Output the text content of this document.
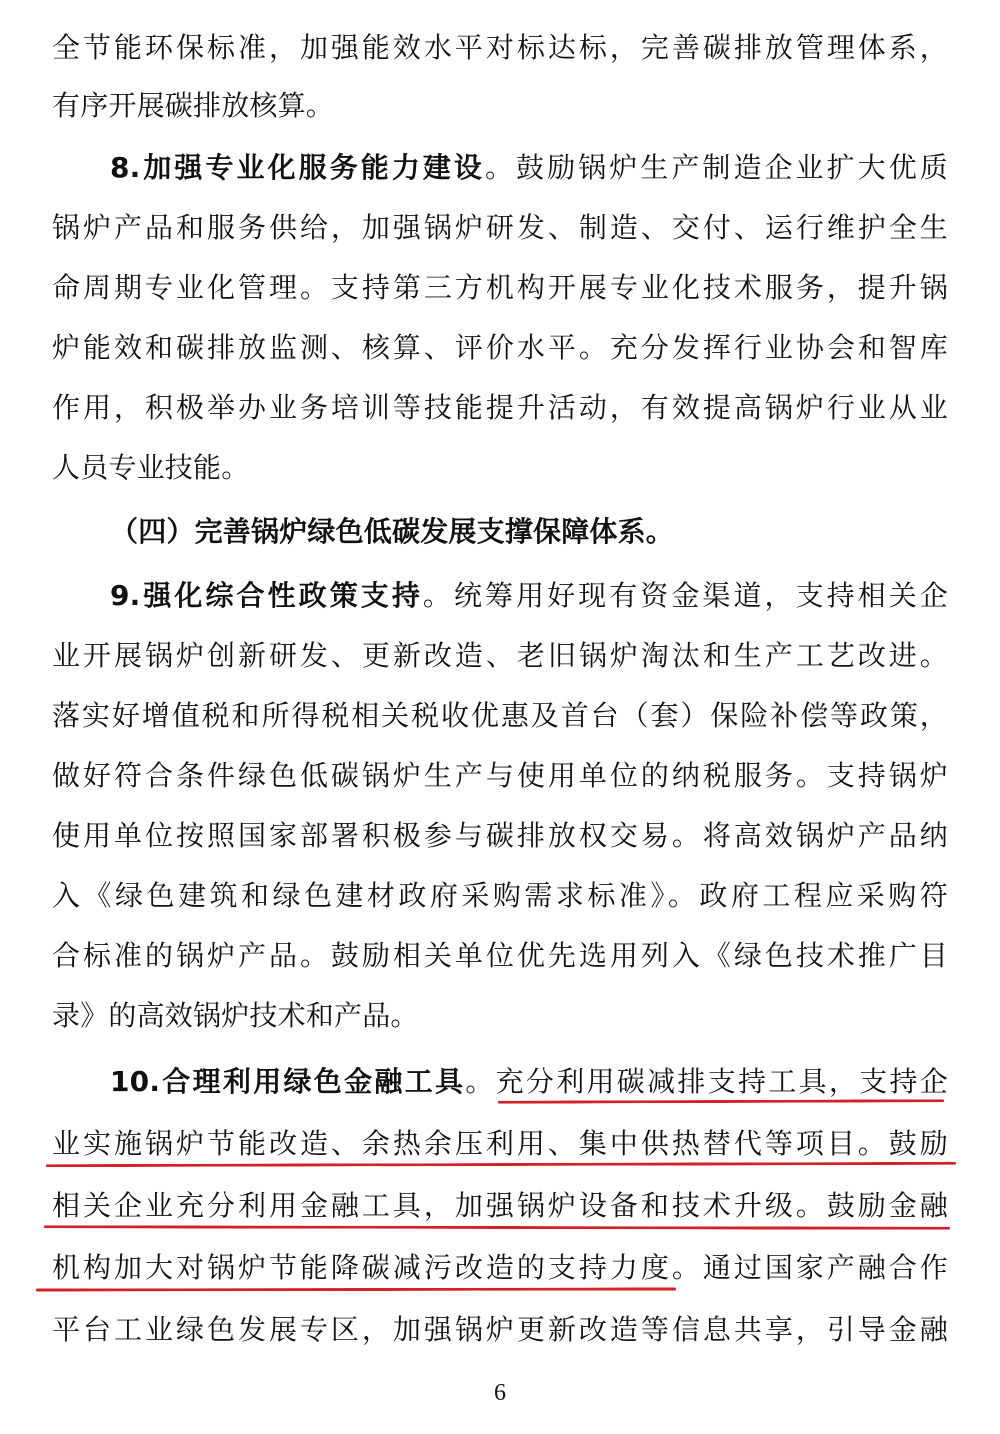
全节能环保标准，加强能效水平对标达标，完善碳排放管理体系，
有序开展碳排放核算。
8.加强专业化服务能力建设。鼓励锅炉生产制造企业扩大优质
锅炉产品和服务供给，加强锅炉研发、制造、交付、运行维护全生
命周期专业化管理。支持第三方机构开展专业化技术服务，提升锅
炉能效和碳排放监测、核算、评价水平。充分发挥行业协会和智库
作用，积极举办业务培训等技能提升活动，有效提高锅炉行业从业
人员专业技能。
（四）完善锅炉绿色低碳发展支撑保障体系。
9.强化综合性政策支持。统筹用好现有资金渠道，支持相关企
业开展锅炉创新研发、更新改造、老旧锅炉淘汰和生产工艺改进。
落实好增值税和所得税相关税收优惠及首台（套）保险补偿等政策，
做好符合条件绿色低碳锅炉生产与使用单位的纳税服务。支持锅炉
使用单位按照国家部署积极参与碳排放权交易。将高效锅炉产品纳
入《绿色建筑和绿色建材政府采购需求标准》。政府工程应采购符
合标准的锅炉产品。鼓励相关单位优先选用列入《绿色技术推广目
录》的高效锅炉技术和产品。
10.合理利用绿色金融工具。充分利用碳减排支持工具，支持企
业实施锅炉节能改造、余热余压利用、集中供热替代等项目。鼓励
相关企业充分利用金融工具，加强锅炉设备和技术升级。鼓励金融
机构加大对锅炉节能降碳减污改造的支持力度。通过国家产融合作
平台工业绿色发展专区，加强锅炉更新改造等信息共享，引导金融
6
